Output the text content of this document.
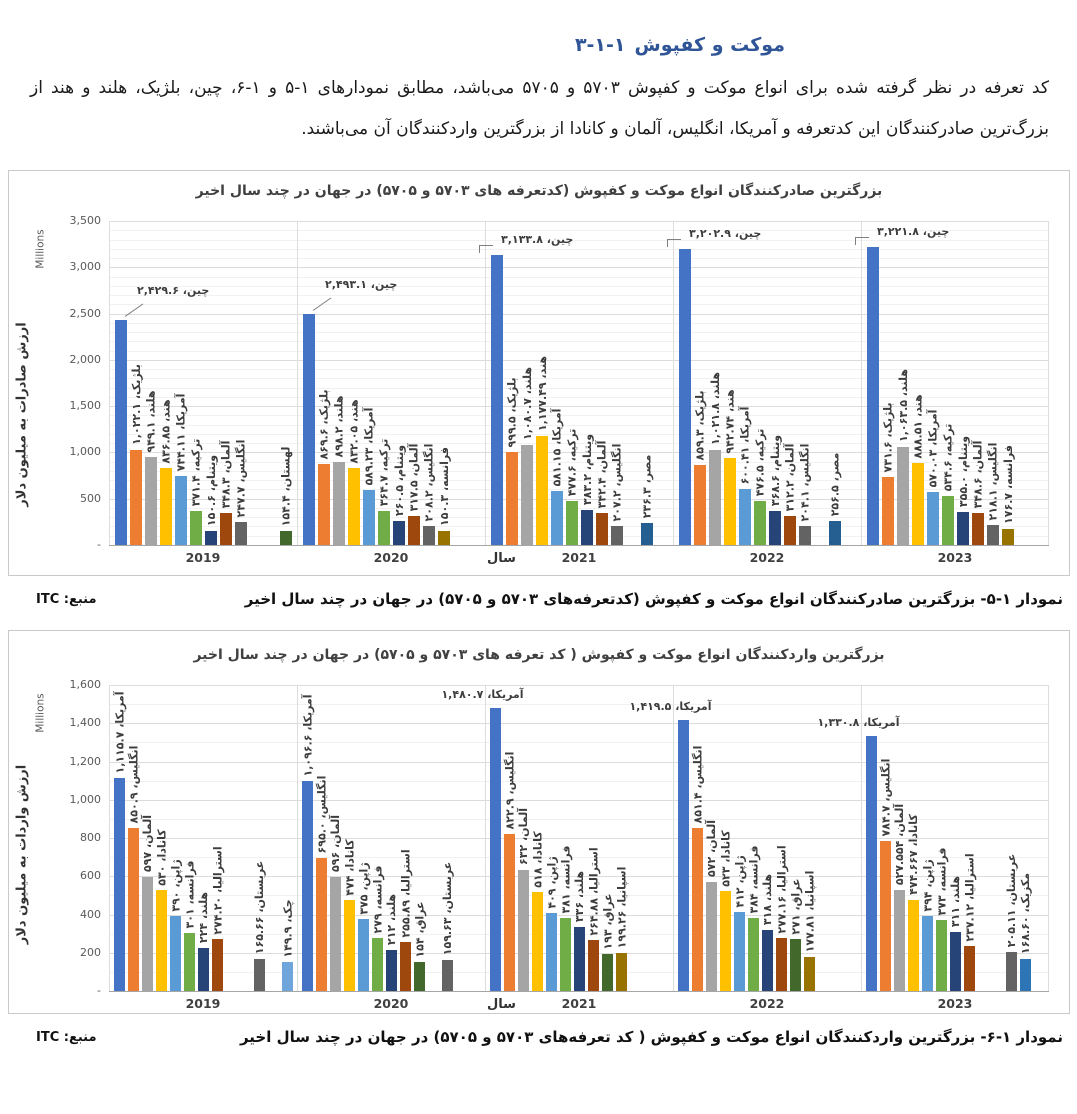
۳-۱-۱ موکت و کفپوش
کد تعرفه در نظر گرفته شده برای انواع موکت و کفپوش ۵۷۰۳ و ۵۷۰۵ می‌باشد، مطابق نمودارهای ۱-۵ و ۱-۶، چین، بلژیک، هلند و هند از بزرگ‌ترین صادرکنندگان این کدتعرفه و آمریکا، انگلیس، آلمان و کانادا از بزرگترین واردکنندگان آن می‌باشند.
بزرگترین صادرکنندگان انواع موکت و کفپوش (کدتعرفه های ۵۷۰۳ و ۵۷۰۵) در جهان در چند سال اخیر
Millions
ارزش صادرات به میلیون دلار
چین، ۲,۴۲۹.۶
بلژیک، ۱,۰۲۲.۱
هلند، ۹۴۹.۱
هند، ۸۳۶.۸۵
آمریکا، ۷۴۴.۱۱
ترکیه، ۳۷۱.۴
ویتنام، ۱۵۰.۶ آلمان، ۳۴۸.۳
انگلیس، ۲۴۷.۷
لهستان، ۱۵۴.۴
چین، ۲,۴۹۳.۱
بلژیک، ۸۶۹.۶
هلند، ۸۹۸.۲
هند، ۸۳۲.۰۵
آمریکا، ۵۸۹.۲۳
ترکیه، ۳۶۴.۷
ویتنام، ۲۶۰.۵
آلمان، ۳۱۷.۵
انگلیس، ۲۰۸.۲
فرانسه، ۱۵۰.۳
چین، ۳,۱۳۳.۸
بلژیک، ۹۹۹.۵
هلند، ۱,۰۸۰.۷ هند، ۱,۱۷۷.۴۹
آمریکا، ۵۸۱.۱۵
ترکیه، ۴۷۷.۶
ویتنام، ۳۸۳.۲
آلمان، ۳۴۲.۴
انگلیس، ۲۰۷.۲
مصر، ۲۳۶.۳
چین، ۳,۲۰۲.۹
بلژیک، ۸۵۹.۳ هلند، ۱,۰۲۱.۸
هند، ۹۴۲.۷۴
آمریکا، ۶۰۰.۴۱
ترکیه، ۴۷۶.۵
ویتنام، ۳۶۸.۶
آلمان، ۳۱۲.۲
انگلیس، ۲۰۴.۱
مصر، ۲۵۶.۵
چین، ۳,۲۲۱.۸
بلژیک، ۷۳۱.۶ هلند، ۱,۰۶۳.۵
هند، ۸۸۸.۵۱
آمریکا، ۵۷۰.۰۳
ترکیه، ۵۳۴.۶
ویتنام، ۳۵۵.۰
آلمان، ۳۴۸.۶
انگلیس، ۲۱۸.۱
فرانسه، ۱۷۶.۷
سال
3,500
3,000
2,500
2,000
1,500
1,000
500
-
2019	2020	2021	2022	2023
منبع: ITC	نمودار ۱-۵- بزرگترین صادرکنندگان انواع موکت و کفپوش (کدتعرفه‌های ۵۷۰۳ و ۵۷۰۵) در جهان در چند سال اخیر
بزرگترین واردکنندگان انواع موکت و کفپوش ( کد تعرفه های ۵۷۰۳ و ۵۷۰۵) در جهان در چند سال اخیر
Millions
ارزش واردات به میلیون دلار
آمریکا، ۱,۱۱۵.۷
انگلیس، ۸۵۰.۹
آلمان، ۵۹۷
کانادا، ۵۳۰
ژاپن، ۳۹۰
فرانسه، ۳۰۱
هلند، ۲۲۴ استرالیا، ۲۷۴.۲۰
عربستان، ۱۶۵.۶۶
چک، ۱۴۹.۹
آمریکا، ۱,۰۹۶.۶
انگلیس، ۶۹۵.۰
آلمان، ۵۹۶
کانادا، ۴۷۴
ژاپن، ۳۷۵
فرانسه، ۲۷۹
هلند، ۲۱۲ استرالیا، ۲۵۵.۸۹
عراق، ۱۵۴ عربستان، ۱۵۹.۶۳
آمریکا، ۱,۴۸۰.۷
انگلیس، ۸۲۲.۹
آلمان، ۶۳۲
کانادا، ۵۱۸
ژاپن، ۴۰۹
فرانسه، ۳۸۱
هلند، ۳۳۶
استرالیا، ۲۶۴.۸۸
عراق، ۱۹۳ اسپانیا، ۱۹۹.۲۶
آمریکا، ۱,۴۱۹.۵
انگلیس، ۸۵۱.۴
آلمان، ۵۷۲
کانادا، ۵۲۳
ژاپن، ۴۱۲
فرانسه، ۳۸۴
هلند، ۳۱۸
استرالیا، ۲۷۷.۱۶
عراق، ۲۷۱
اسپانیا، ۱۷۷.۸۱
آمریکا، ۱,۳۳۰.۸
انگلیس، ۷۸۴.۷
آلمان، ۵۲۷.۵۵۴
کانادا، ۴۷۴.۶۶۷
ژاپن، ۳۹۴
فرانسه، ۳۷۳
هلند، ۳۱۱
استرالیا، ۲۳۷.۱۲
عربستان، ۲۰۵.۱۱
مکزیک، ۱۶۸.۶۰
سال
1,600
1,400
1,200
1,000
800
600
400
200
-
2019	2020	2021	2022	2023
منبع: ITC	نمودار ۱-۶- بزرگترین واردکنندگان انواع موکت و کفپوش ( کد تعرفه‌های ۵۷۰۳ و ۵۷۰۵) در جهان در چند سال اخیر
